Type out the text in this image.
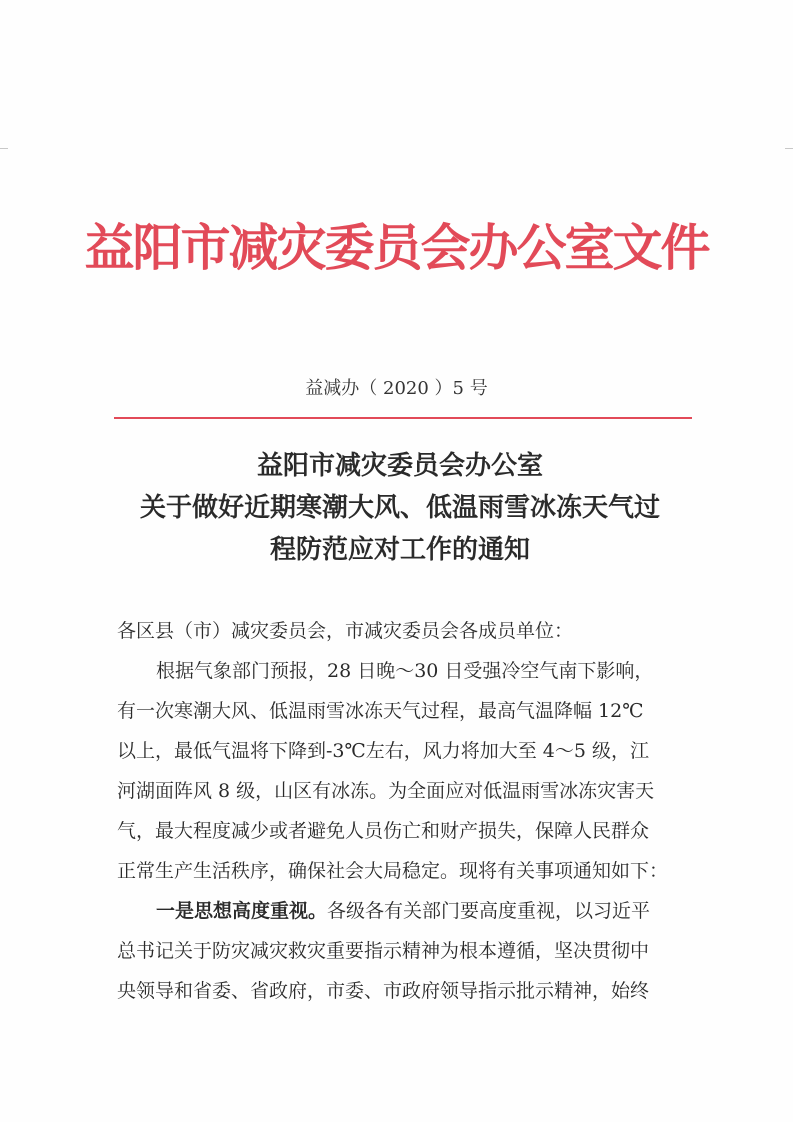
益阳市减灾委员会办公室文件
益减办（ 2020 ）5 号
益阳市减灾委员会办公室
关于做好近期寒潮大风、低温雨雪冰冻天气过
程防范应对工作的通知
各区县（市）减灾委员会，市减灾委员会各成员单位：
根据气象部门预报，28 日晚～30 日受强冷空气南下影响，
有一次寒潮大风、低温雨雪冰冻天气过程，最高气温降幅 12℃
以上，最低气温将下降到-3℃左右，风力将加大至 4～5 级，江
河湖面阵风 8 级，山区有冰冻。为全面应对低温雨雪冰冻灾害天
气，最大程度减少或者避免人员伤亡和财产损失，保障人民群众
正常生产生活秩序，确保社会大局稳定。现将有关事项通知如下：
一是思想高度重视。各级各有关部门要高度重视，以习近平
总书记关于防灾减灾救灾重要指示精神为根本遵循，坚决贯彻中
央领导和省委、省政府，市委、市政府领导指示批示精神，始终
